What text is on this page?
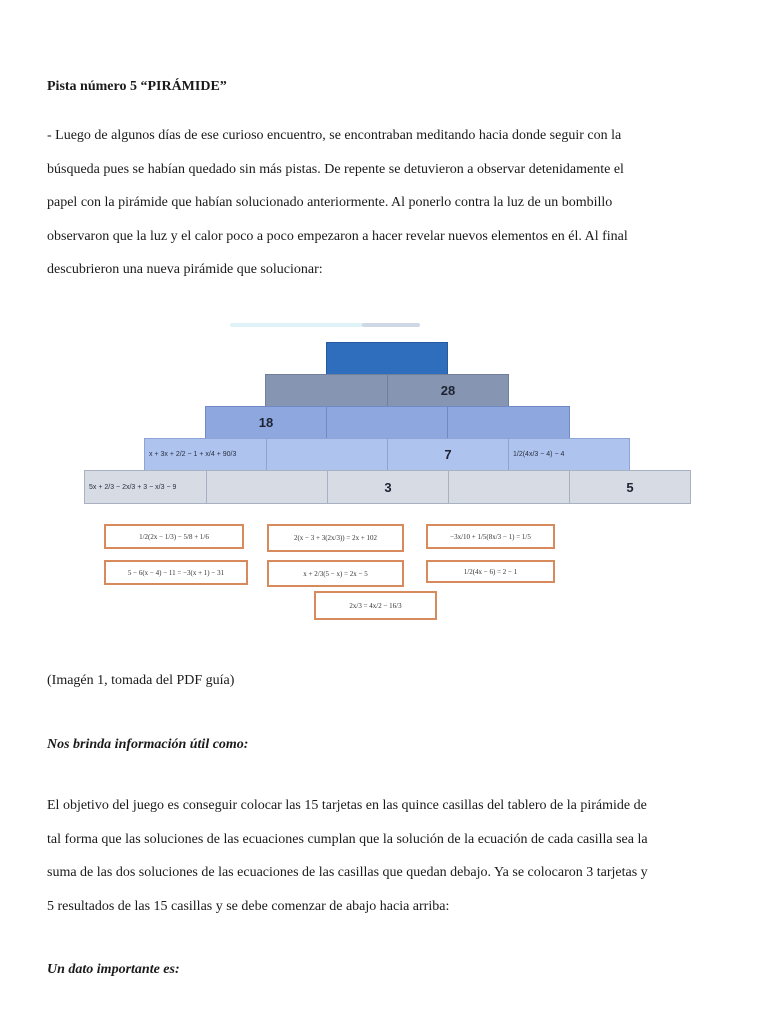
Pista número 5 “PIRÁMIDE”
- Luego de algunos días de ese curioso encuentro, se encontraban meditando hacia donde seguir con la
búsqueda pues se habían quedado sin más pistas. De repente se detuvieron a observar detenidamente el
papel con la pirámide que habían solucionado anteriormente. Al ponerlo contra la luz de un bombillo
observaron que la luz y el calor poco a poco empezaron a hacer revelar nuevos elementos en él. Al final
descubrieron una nueva pirámide que solucionar:
28
18
x + 3x + 2/2 − 1 + x/4 + 90/3	7	1/2(4x/3 − 4) − 4
5x + 2/3 − 2x/3 + 3 − x/3 − 9	3	5
1/2(2x − 1/3) − 5/8 + 1/6	2(x − 3 + 3(2x/3)) = 2x + 102	−3x/10 + 1/5(8x/3 − 1) = 1/5
5 − 6(x − 4) − 11 = −3(x + 1) − 31	x + 2/3(5 − x) = 2x − 5	1/2(4x − 6) = 2 − 1
2x/3 = 4x/2 − 16/3
(Imagén 1, tomada del PDF guía)
Nos brinda información útil como:
El objetivo del juego es conseguir colocar las 15 tarjetas en las quince casillas del tablero de la pirámide de
tal forma que las soluciones de las ecuaciones cumplan que la solución de la ecuación de cada casilla sea la
suma de las dos soluciones de las ecuaciones de las casillas que quedan debajo. Ya se colocaron 3 tarjetas y
5 resultados de las 15 casillas y se debe comenzar de abajo hacia arriba:
Un dato importante es:
